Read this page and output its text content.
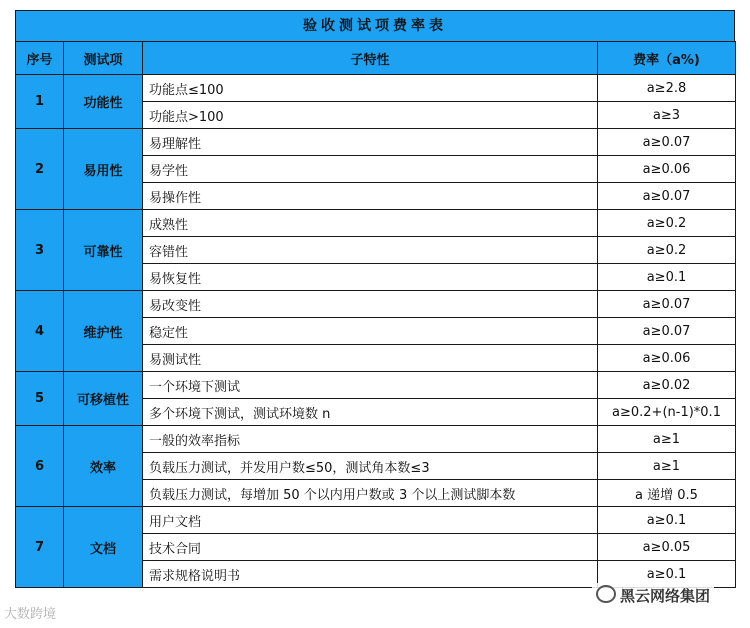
验收测试项费率表
序号	测试项	子特性	费率（a%)
1	功能性	功能点≤100	a≥2.8
		功能点>100	a≥3
2	易用性	易理解性	a≥0.07
		易学性	a≥0.06
		易操作性	a≥0.07
3	可靠性	成熟性	a≥0.2
		容错性	a≥0.2
		易恢复性	a≥0.1
4	维护性	易改变性	a≥0.07
		稳定性	a≥0.07
		易测试性	a≥0.06
5	可移植性	一个环境下测试	a≥0.02
		多个环境下测试，测试环境数 n	a≥0.2+(n-1)*0.1
6	效率	一般的效率指标	a≥1
		负载压力测试，并发用户数≤50，测试角本数≤3	a≥1
		负载压力测试，每增加 50 个以内用户数或 3 个以上测试脚本数	a 递增 0.5
7	文档	用户文档	a≥0.1
		技术合同	a≥0.05
		需求规格说明书	a≥0.1
大数跨境
黑云网络集团
